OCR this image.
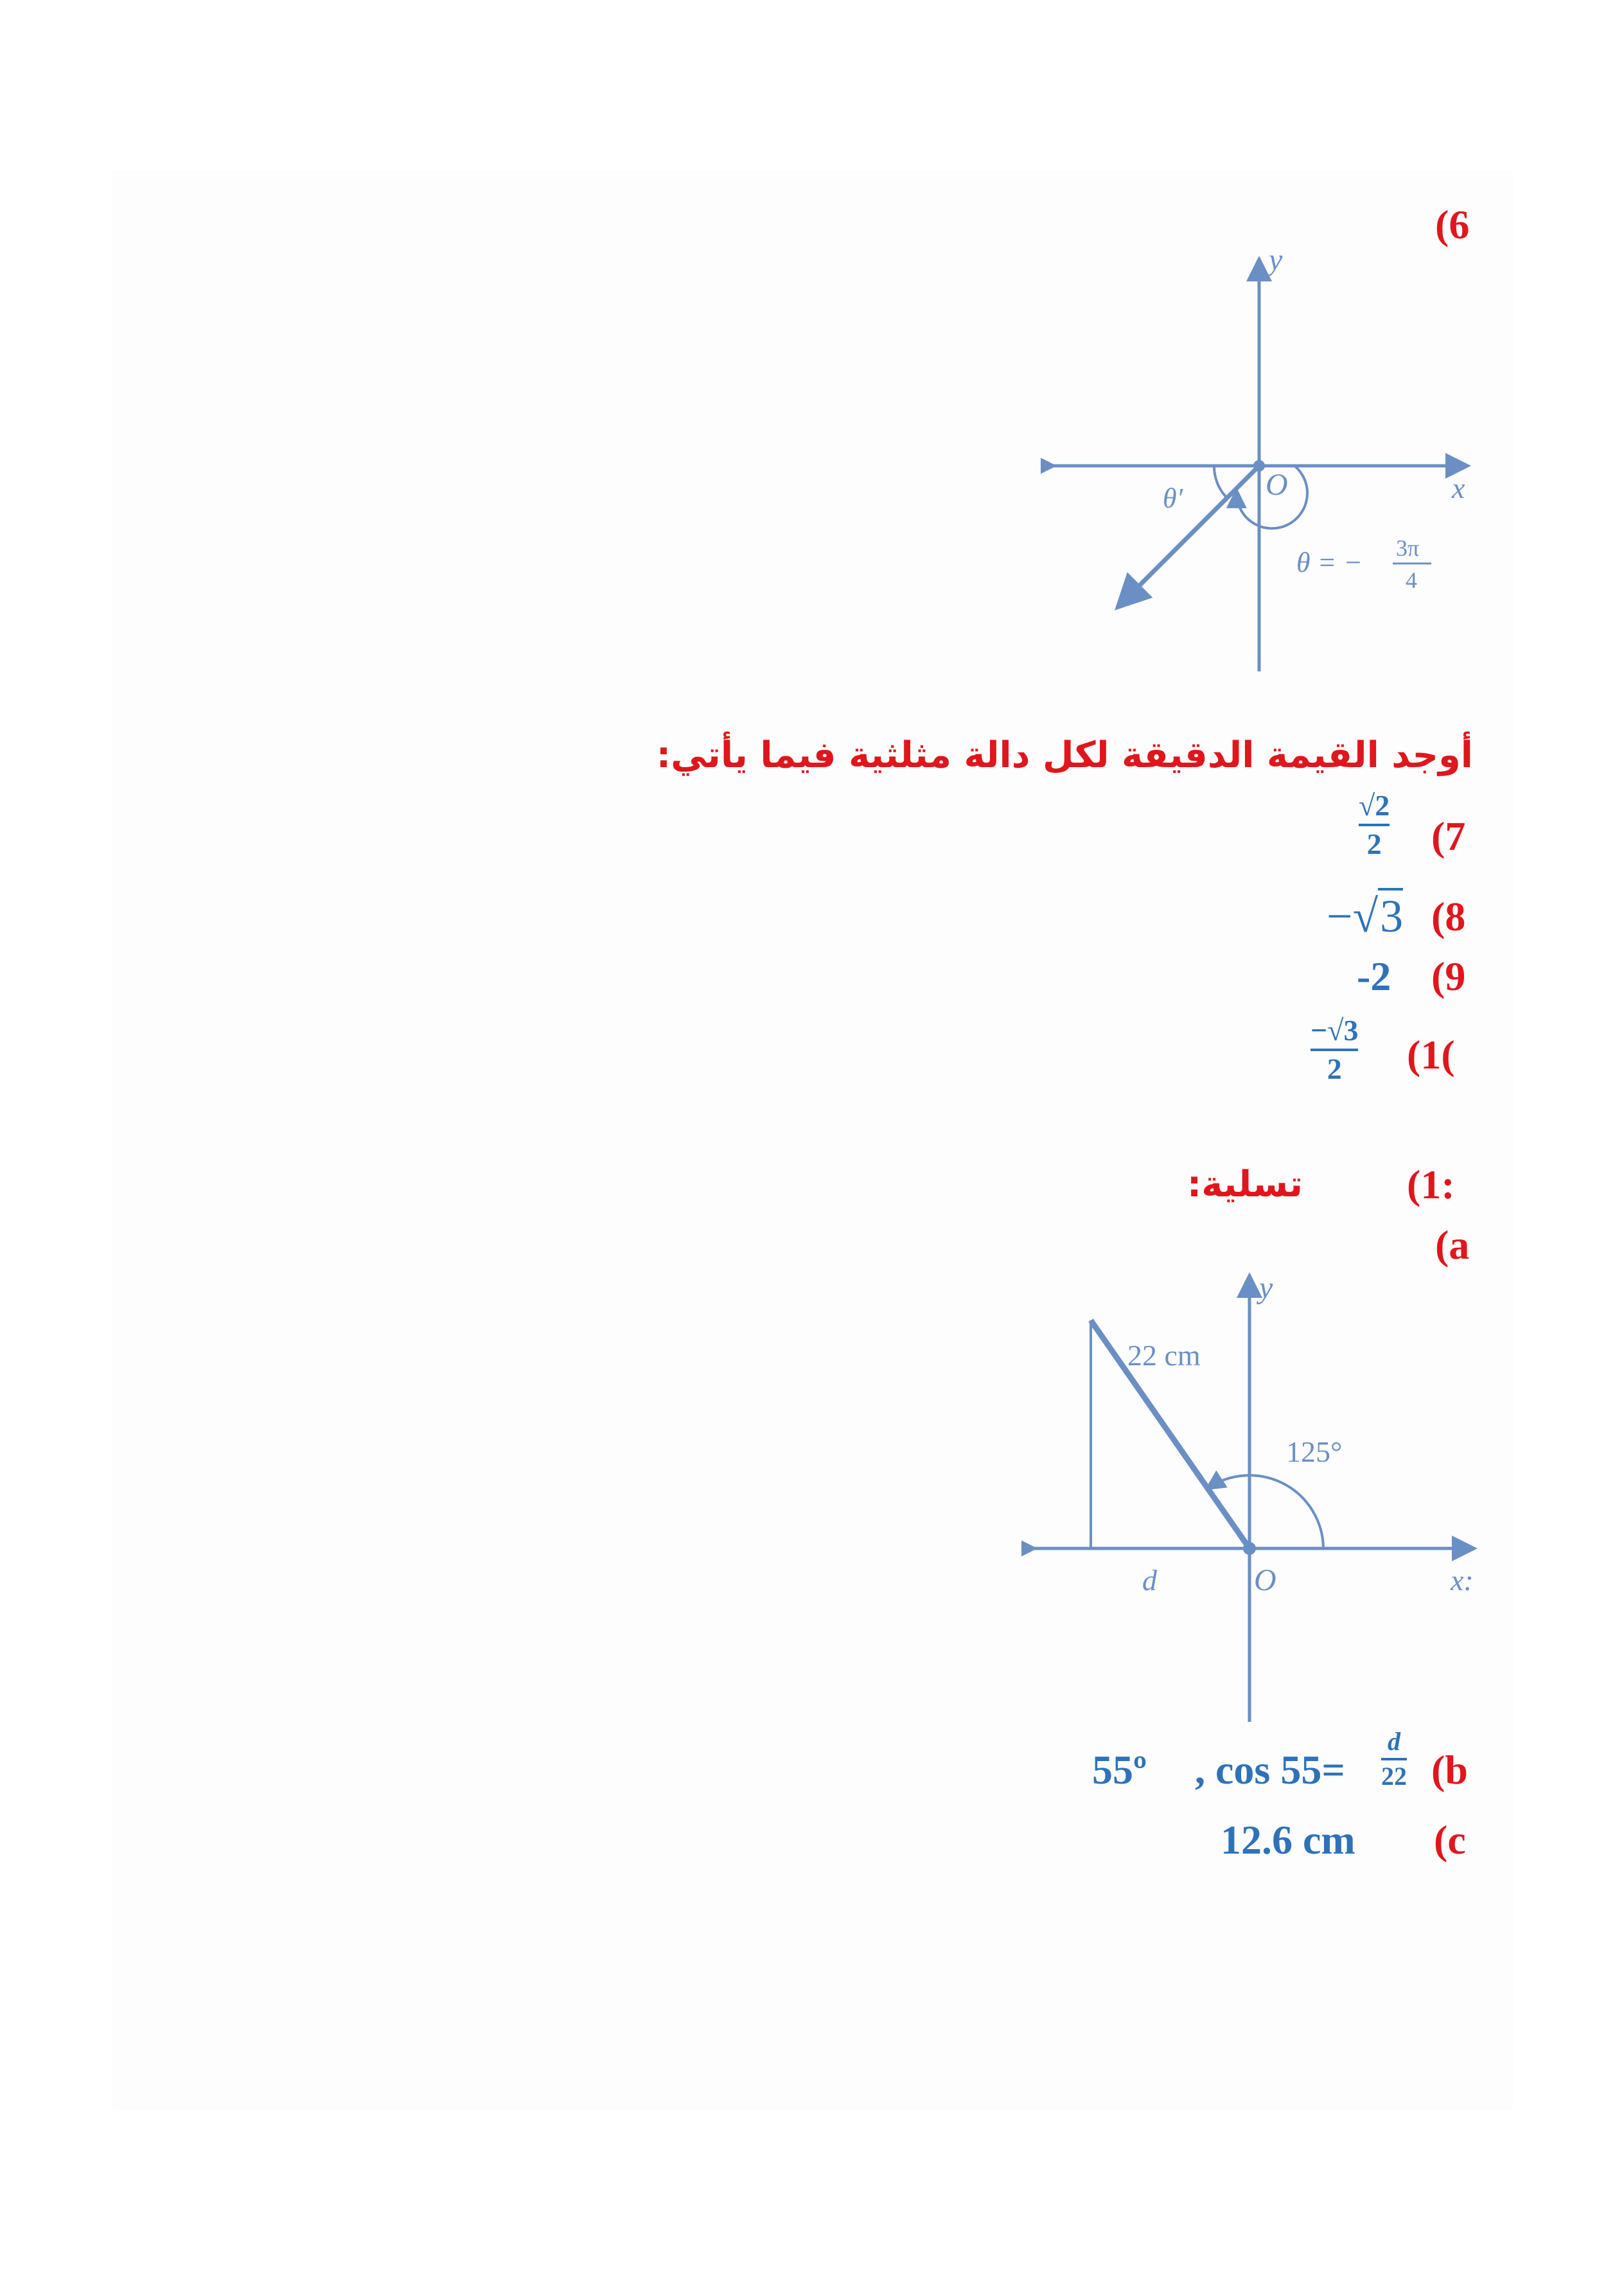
(6
y
x
O
θ′
θ = − 3π
4
أوجد القيمة الدقيقة لكل دالة مثلثية فيما يأتي:
(7
√2
2
(8
−√3
(9
-2
(1(
−√3
2
(1:
تسلية:
(a
y
x:
O
22 cm
125°
d
(b
, cos 55=
d
22
55º
(c
12.6 cm
